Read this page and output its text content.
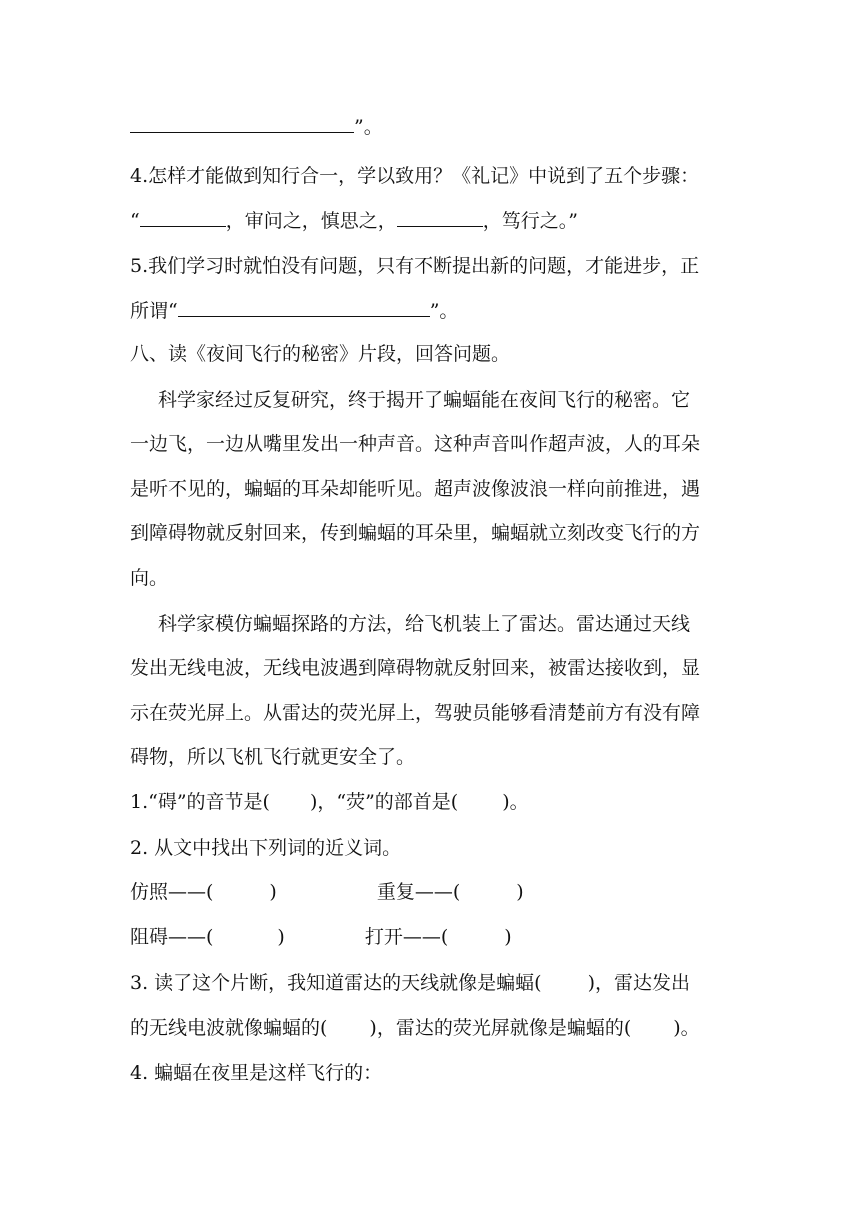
”。
4.怎样才能做到知行合一，学以致用？《礼记》中说到了五个步骤：
“	，审问之，慎思之，	，笃行之。”
5.我们学习时就怕没有问题，只有不断提出新的问题，才能进步，正
所谓“	”。
八、读《夜间飞行的秘密》片段，回答问题。
科学家经过反复研究，终于揭开了蝙蝠能在夜间飞行的秘密。它
一边飞，一边从嘴里发出一种声音。这种声音叫作超声波，人的耳朵
是听不见的，蝙蝠的耳朵却能听见。超声波像波浪一样向前推进，遇
到障碍物就反射回来，传到蝙蝠的耳朵里，蝙蝠就立刻改变飞行的方
向。
科学家模仿蝙蝠探路的方法，给飞机装上了雷达。雷达通过天线
发出无线电波，无线电波遇到障碍物就反射回来，被雷达接收到，显
示在荧光屏上。从雷达的荧光屏上，驾驶员能够看清楚前方有没有障
碍物，所以飞机飞行就更安全了。
1.“碍”的音节是( )，“荧”的部首是( )。
2. 从文中找出下列词的近义词。
仿照——(	)	重复——(	)
阻碍——(	)	打开——(	)
3. 读了这个片断，我知道雷达的天线就像是蝙蝠( )，雷达发出
的无线电波就像蝙蝠的( )，雷达的荧光屏就像是蝙蝠的( )。
4. 蝙蝠在夜里是这样飞行的：
